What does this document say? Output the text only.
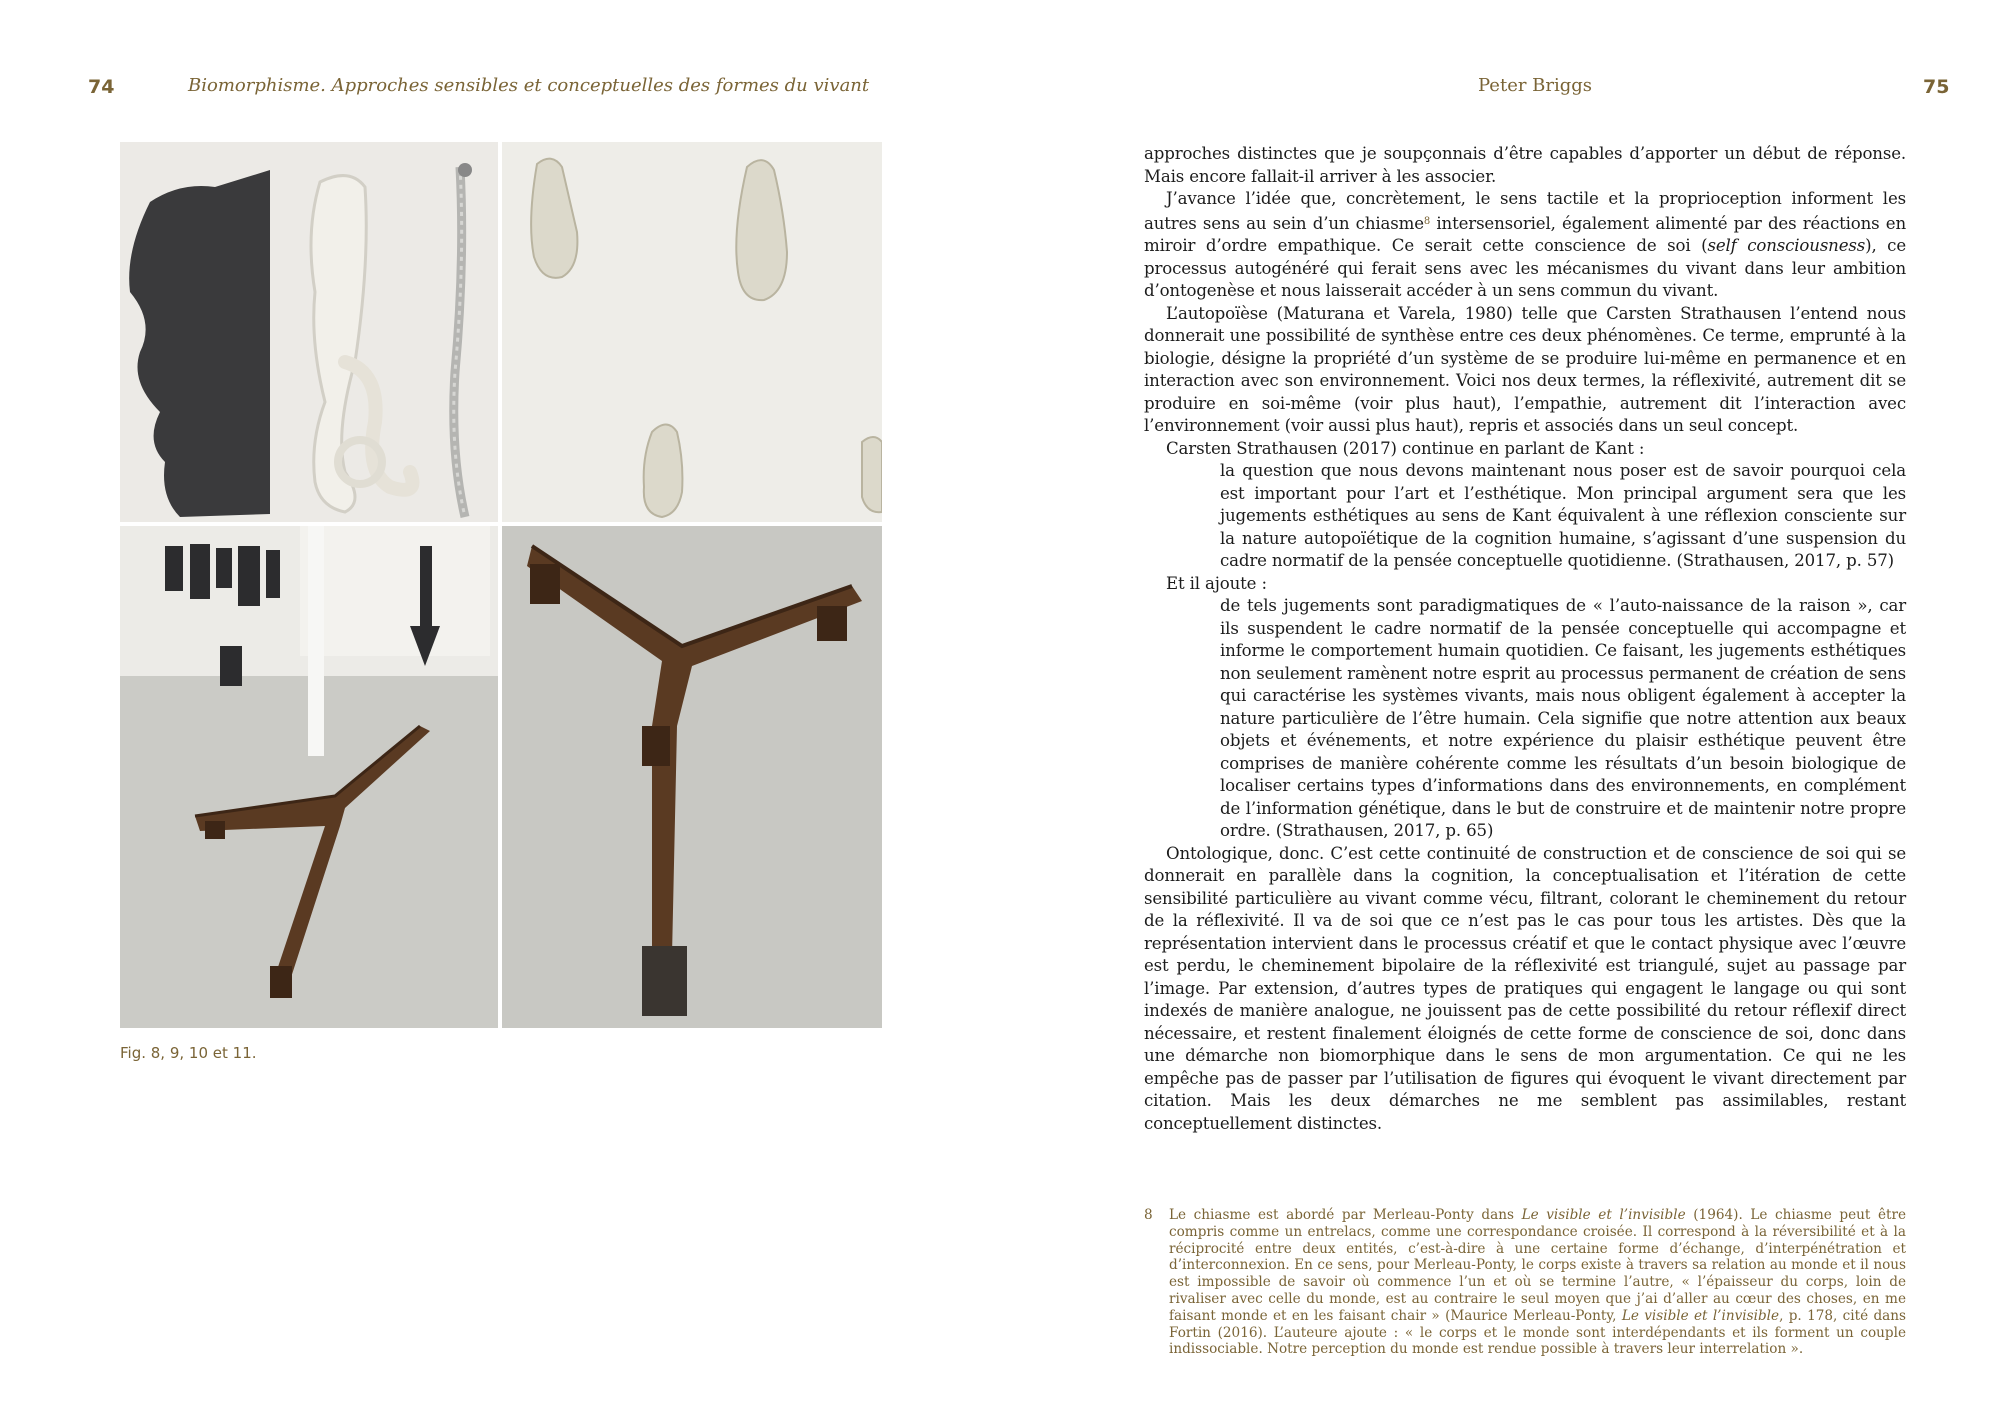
74	Biomorphisme. Approches sensibles et conceptuelles des formes du vivant
Fig. 8, 9, 10 et 11.
Peter Briggs	75

approches distinctes que je soupçonnais d’être capables d’apporter un début de réponse. Mais encore fallait-il arriver à les associer.

J’avance l’idée que, concrètement, le sens tactile et la proprioception informent les autres sens au sein d’un chiasme$^8$ intersensoriel, également alimenté par des réactions en miroir d’ordre empathique. Ce serait cette conscience de soi (self consciousness), ce processus autogénéré qui ferait sens avec les mécanismes du vivant dans leur ambition d’ontogenèse et nous laisserait accéder à un sens commun du vivant.

L’autopoïèse (Maturana et Varela, 1980) telle que Carsten Strathausen l’entend nous donnerait une possibilité de synthèse entre ces deux phénomènes. Ce terme, emprunté à la biologie, désigne la propriété d’un système de se produire lui-même en permanence et en interaction avec son environnement. Voici nos deux termes, la réflexivité, autrement dit se produire en soi-même (voir plus haut), l’empathie, autrement dit l’interaction avec l’environnement (voir aussi plus haut), repris et associés dans un seul concept.

Carsten Strathausen (2017) continue en parlant de Kant :

la question que nous devons maintenant nous poser est de savoir pourquoi cela est important pour l’art et l’esthétique. Mon principal argument sera que les jugements esthétiques au sens de Kant équivalent à une réflexion consciente sur la nature autopoïétique de la cognition humaine, s’agissant d’une suspension du cadre normatif de la pensée conceptuelle quotidienne. (Strathausen, 2017, p. 57)

Et il ajoute :

de tels jugements sont paradigmatiques de « l’auto-naissance de la raison », car ils suspendent le cadre normatif de la pensée conceptuelle qui accompagne et informe le comportement humain quotidien. Ce faisant, les jugements esthétiques non seulement ramènent notre esprit au processus permanent de création de sens qui caractérise les systèmes vivants, mais nous obligent également à accepter la nature particulière de l’être humain. Cela signifie que notre attention aux beaux objets et événements, et notre expérience du plaisir esthétique peuvent être comprises de manière cohérente comme les résultats d’un besoin biologique de localiser certains types d’informations dans des environnements, en complément de l’information génétique, dans le but de construire et de maintenir notre propre ordre. (Strathausen, 2017, p. 65)

Ontologique, donc. C’est cette continuité de construction et de conscience de soi qui se donnerait en parallèle dans la cognition, la conceptualisation et l’itération de cette sensibilité particulière au vivant comme vécu, filtrant, colorant le cheminement du retour de la réflexivité. Il va de soi que ce n’est pas le cas pour tous les artistes. Dès que la représentation intervient dans le processus créatif et que le contact physique avec l’œuvre est perdu, le cheminement bipolaire de la réflexivité est triangulé, sujet au passage par l’image. Par extension, d’autres types de pratiques qui engagent le langage ou qui sont indexés de manière analogue, ne jouissent pas de cette possibilité du retour réflexif direct nécessaire, et restent finalement éloignés de cette forme de conscience de soi, donc dans une démarche non biomorphique dans le sens de mon argumentation. Ce qui ne les empêche pas de passer par l’utilisation de figures qui évoquent le vivant directement par citation. Mais les deux démarches ne me semblent pas assimilables, restant conceptuellement distinctes.

8 Le chiasme est abordé par Merleau-Ponty dans Le visible et l’invisible (1964). Le chiasme peut être compris comme un entrelacs, comme une correspondance croisée. Il correspond à la réversibilité et à la réciprocité entre deux entités, c’est-à-dire à une certaine forme d’échange, d’interpénétration et d’interconnexion. En ce sens, pour Merleau-Ponty, le corps existe à travers sa relation au monde et il nous est impossible de savoir où commence l’un et où se termine l’autre, « l’épaisseur du corps, loin de rivaliser avec celle du monde, est au contraire le seul moyen que j’ai d’aller au cœur des choses, en me faisant monde et en les faisant chair » (Maurice Merleau-Ponty, Le visible et l’invisible, p. 178, cité dans Fortin (2016). L’auteure ajoute : « le corps et le monde sont interdépendants et ils forment un couple indissociable. Notre perception du monde est rendue possible à travers leur interrelation ».
